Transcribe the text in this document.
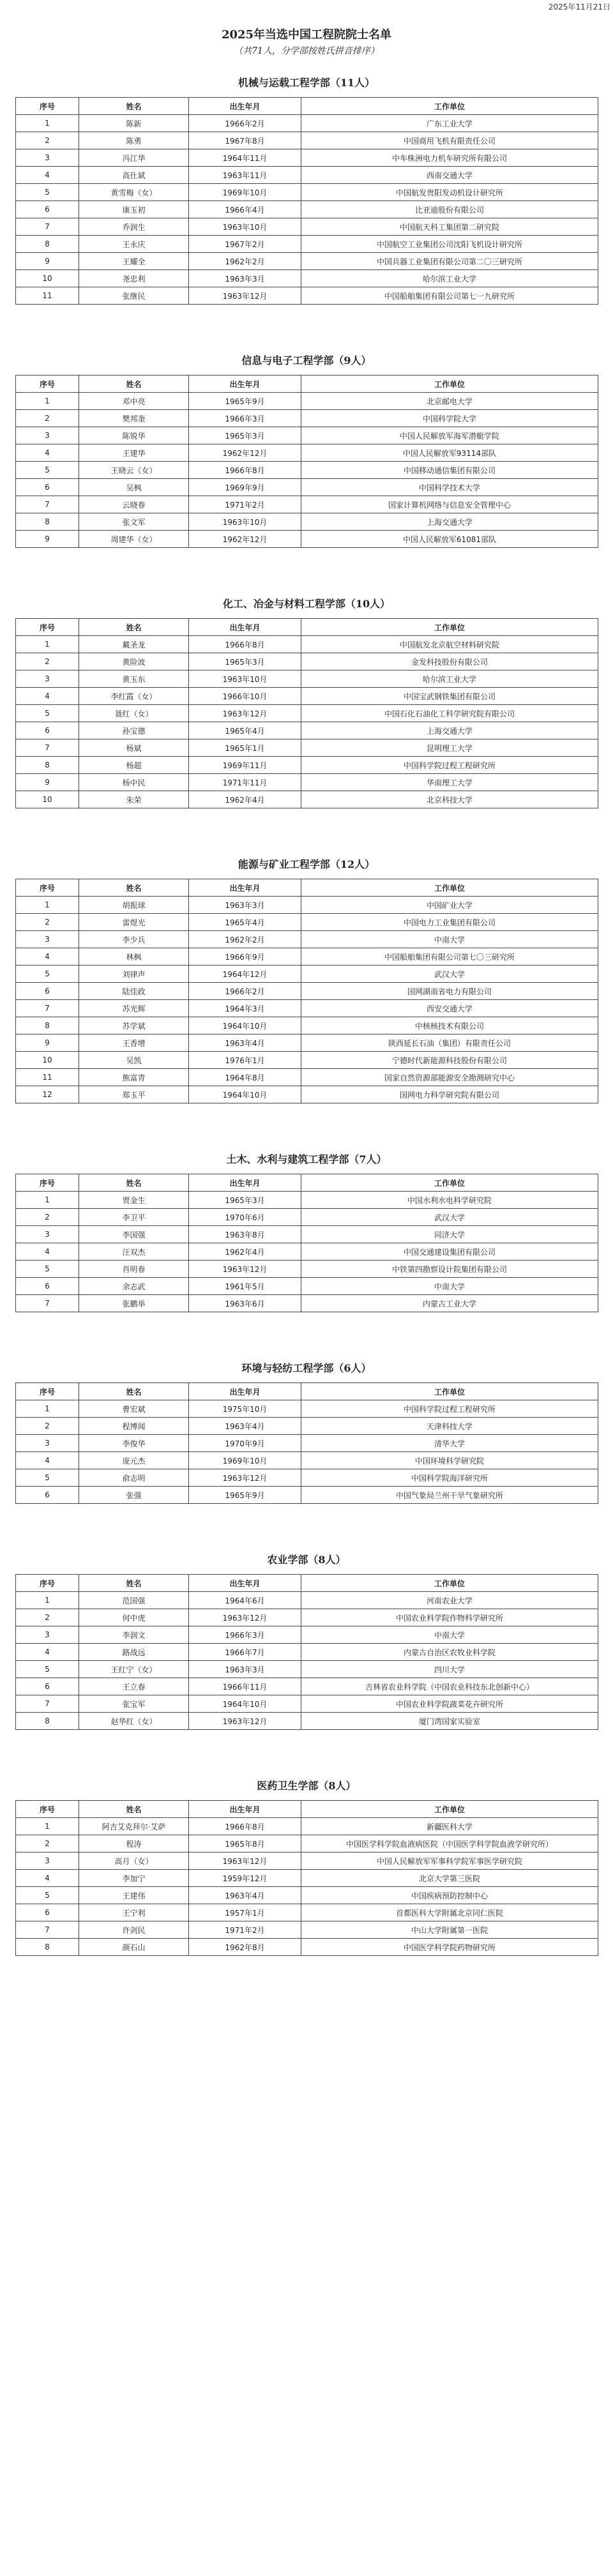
2025年11月21日
2025年当选中国工程院院士名单
（共71人，分学部按姓氏拼音排序）
机械与运载工程学部（11人）
序号	姓名	出生年月	工作单位
1	陈新	1966年2月	广东工业大学
2	陈勇	1967年8月	中国商用飞机有限责任公司
3	冯江华	1964年11月	中车株洲电力机车研究所有限公司
4	高仕斌	1963年11月	西南交通大学
5	黄雪梅（女）	1969年10月	中国航发贵阳发动机设计研究所
6	康玉初	1966年4月	比亚迪股份有限公司
7	乔润生	1963年10月	中国航天科工集团第二研究院
8	王永庆	1967年2月	中国航空工业集团公司沈阳飞机设计研究所
9	王耀全	1962年2月	中国兵器工业集团有限公司第二〇三研究所
10	尧忠利	1963年3月	哈尔滨工业大学
11	张继民	1963年12月	中国船舶集团有限公司第七一九研究所
信息与电子工程学部（9人）
序号	姓名	出生年月	工作单位
1	邓中亮	1965年9月	北京邮电大学
2	樊邦奎	1966年3月	中国科学院大学
3	陈锐华	1965年3月	中国人民解放军海军潜艇学院
4	王建华	1962年12月	中国人民解放军93114部队
5	王晓云（女）	1966年8月	中国移动通信集团有限公司
6	吴枫	1969年9月	中国科学技术大学
7	云晓春	1971年2月	国家计算机网络与信息安全管理中心
8	张文军	1963年10月	上海交通大学
9	周建华（女）	1962年12月	中国人民解放军61081部队
化工、冶金与材料工程学部（10人）
序号	姓名	出生年月	工作单位
1	戴圣龙	1966年8月	中国航发北京航空材料研究院
2	黄险波	1965年3月	金发科技股份有限公司
3	黄玉东	1963年10月	哈尔滨工业大学
4	李红霞（女）	1966年10月	中国宝武钢铁集团有限公司
5	聂红（女）	1963年12月	中国石化石油化工科学研究院有限公司
6	孙宝德	1965年4月	上海交通大学
7	杨斌	1965年1月	昆明理工大学
8	杨超	1969年11月	中国科学院过程工程研究所
9	杨中民	1971年11月	华南理工大学
10	朱荣	1962年4月	北京科技大学
能源与矿业工程学部（12人）
序号	姓名	出生年月	工作单位
1	胡振球	1963年3月	中国矿业大学
2	雷煜光	1965年4月	中国电力工业集团有限公司
3	李少兵	1962年2月	中南大学
4	林枫	1966年9月	中国船舶集团有限公司第七〇三研究所
5	刘律声	1964年12月	武汉大学
6	陆佳政	1966年2月	国网湖南省电力有限公司
7	苏光辉	1964年3月	西安交通大学
8	苏学斌	1964年10月	中核核技术有限公司
9	王香增	1963年4月	陕西延长石油（集团）有限责任公司
10	吴凯	1976年1月	宁德时代新能源科技股份有限公司
11	熊富青	1964年8月	国家自然资源部能源安全勘测研究中心
12	郑玉平	1964年10月	国网电力科学研究院有限公司
土木、水利与建筑工程学部（7人）
序号	姓名	出生年月	工作单位
1	贾金生	1965年3月	中国水利水电科学研究院
2	李卫平	1970年6月	武汉大学
3	李国强	1963年8月	同济大学
4	汪双杰	1962年4月	中国交通建设集团有限公司
5	肖明春	1963年12月	中铁第四勘察设计院集团有限公司
6	余志武	1961年5月	中南大学
7	张鹏举	1963年6月	内蒙古工业大学
环境与轻纺工程学部（6人）
序号	姓名	出生年月	工作单位
1	曹宏斌	1975年10月	中国科学院过程工程研究所
2	程博闻	1963年4月	天津科技大学
3	李俊华	1970年9月	清华大学
4	庞元杰	1969年10月	中国环境科学研究院
5	俞志明	1963年12月	中国科学院海洋研究所
6	张强	1965年9月	中国气象局兰州干旱气象研究所
农业学部（8人）
序号	姓名	出生年月	工作单位
1	范国强	1964年6月	河南农业大学
2	何中虎	1963年12月	中国农业科学院作物科学研究所
3	李润文	1966年3月	中南大学
4	路战远	1966年7月	内蒙古自治区农牧业科学院
5	王红宁（女）	1963年3月	四川大学
6	王立春	1966年11月	吉林省农业科学院（中国农业科技东北创新中心）
7	张宝军	1964年10月	中国农业科学院蔬菜花卉研究所
8	赵华红（女）	1963年12月	厦门湾国家实验室
医药卫生学部（8人）
序号	姓名	出生年月	工作单位
1	阿吉艾克拜尔·艾萨	1966年8月	新疆医科大学
2	程涛	1965年8月	中国医学科学院血液病医院（中国医学科学院血液学研究所）
3	高月（女）	1963年12月	中国人民解放军军事科学院军事医学研究院
4	李加宁	1959年12月	北京大学第三医院
5	王建伟	1963年4月	中国疾病预防控制中心
6	王宁利	1957年1月	首都医科大学附属北京同仁医院
7	许剑民	1971年2月	中山大学附属第一医院
8	颜石山	1962年8月	中国医学科学院药物研究所
